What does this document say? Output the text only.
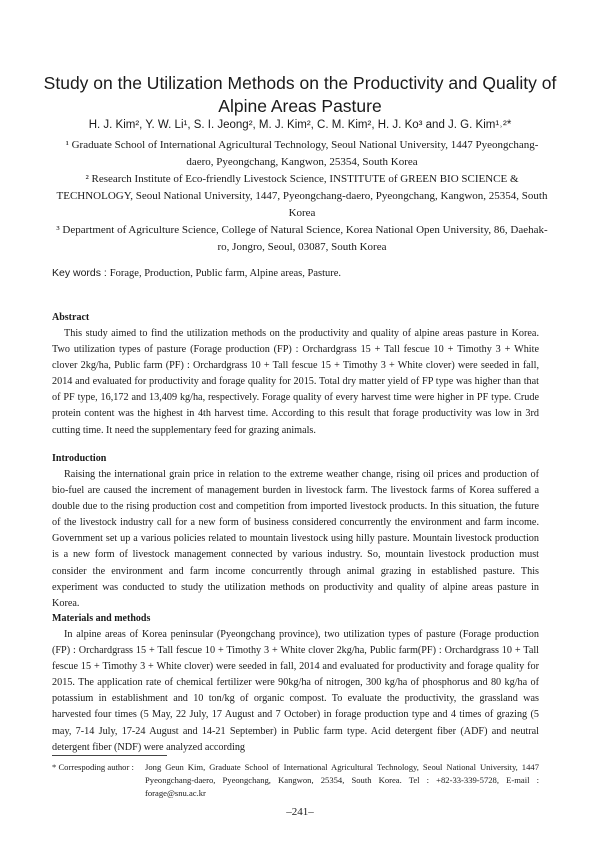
Study on the Utilization Methods on the Productivity and Quality of
Alpine Areas Pasture
H. J. Kim², Y. W. Li¹, S. I. Jeong², M. J. Kim², C. M. Kim², H. J. Ko³ and J. G. Kim¹˒²*
¹ Graduate School of International Agricultural Technology, Seoul National University, 1447 Pyeongchang-daero, Pyeongchang, Kangwon, 25354, South Korea
² Research Institute of Eco-friendly Livestock Science, INSTITUTE of GREEN BIO SCIENCE & TECHNOLOGY, Seoul National University, 1447, Pyeongchang-daero, Pyeongchang, Kangwon, 25354, South Korea
³ Department of Agriculture Science, College of Natural Science, Korea National Open University, 86, Daehak-ro, Jongro, Seoul, 03087, South Korea
Key words : Forage, Production, Public farm, Alpine areas, Pasture.
Abstract

This study aimed to find the utilization methods on the productivity and quality of alpine areas pasture in Korea. Two utilization types of pasture (Forage production (FP) : Orchardgrass 15 + Tall fescue 10 + Timothy 3 + White clover 2kg/ha, Public farm (PF) : Orchardgrass 10 + Tall fescue 15 + Timothy 3 + White clover) were seeded in fall, 2014 and evaluated for productivity and forage quality for 2015. Total dry matter yield of FP type was higher than that of PF type, 16,172 and 13,409 kg/ha, respectively. Forage quality of every harvest time were higher in PF type. Crude protein content was the highest in 4th harvest time. According to this result that forage productivity was low in 3rd cutting time. It need the supplementary feed for grazing animals.

Introduction

Raising the international grain price in relation to the extreme weather change, rising oil prices and production of bio-fuel are caused the increment of management burden in livestock farm. The livestock farms of Korea suffered a double due to the rising production cost and competition from imported livestock products. In this situation, the future of the livestock industry call for a new form of business considered concurrently the environment and farm income. Government set up a various policies related to mountain livestock using hilly pasture. Mountain livestock production is a new form of livestock management connected by various industry. So, mountain livestock production must consider the environment and farm income concurrently through animal grazing in established pasture. This experiment was conducted to study the utilization methods on productivity and quality of alpine areas pasture in Korea.

Materials and methods

In alpine areas of Korea peninsular (Pyeongchang province), two utilization types of pasture (Forage production (FP) : Orchardgrass 15 + Tall fescue 10 + Timothy 3 + White clover 2kg/ha, Public farm(PF) : Orchardgrass 10 + Tall fescue 15 + Timothy 3 + White clover) were seeded in fall, 2014 and evaluated for productivity and forage quality for 2015. The application rate of chemical fertilizer were 90kg/ha of nitrogen, 300 kg/ha of phosphorus and 80 kg/ha of potassium in establishment and 10 ton/kg of organic compost. To evaluate the productivity, the grassland was harvested four times (5 May, 22 July, 17 August and 7 October) in forage production type and 4 times of grazing (5 may, 7-14 July, 17-24 August and 14-21 September) in Public farm type. Acid detergent fiber (ADF) and neutral detergent fiber (NDF) were analyzed according

* Correspoding author : Jong Geun Kim, Graduate School of International Agricultural Technology, Seoul National University, 1447 Pyeongchang-daero, Pyeongchang, Kangwon, 25354, South Korea. Tel : +82-33-339-5728, E-mail : forage@snu.ac.kr
–241–
